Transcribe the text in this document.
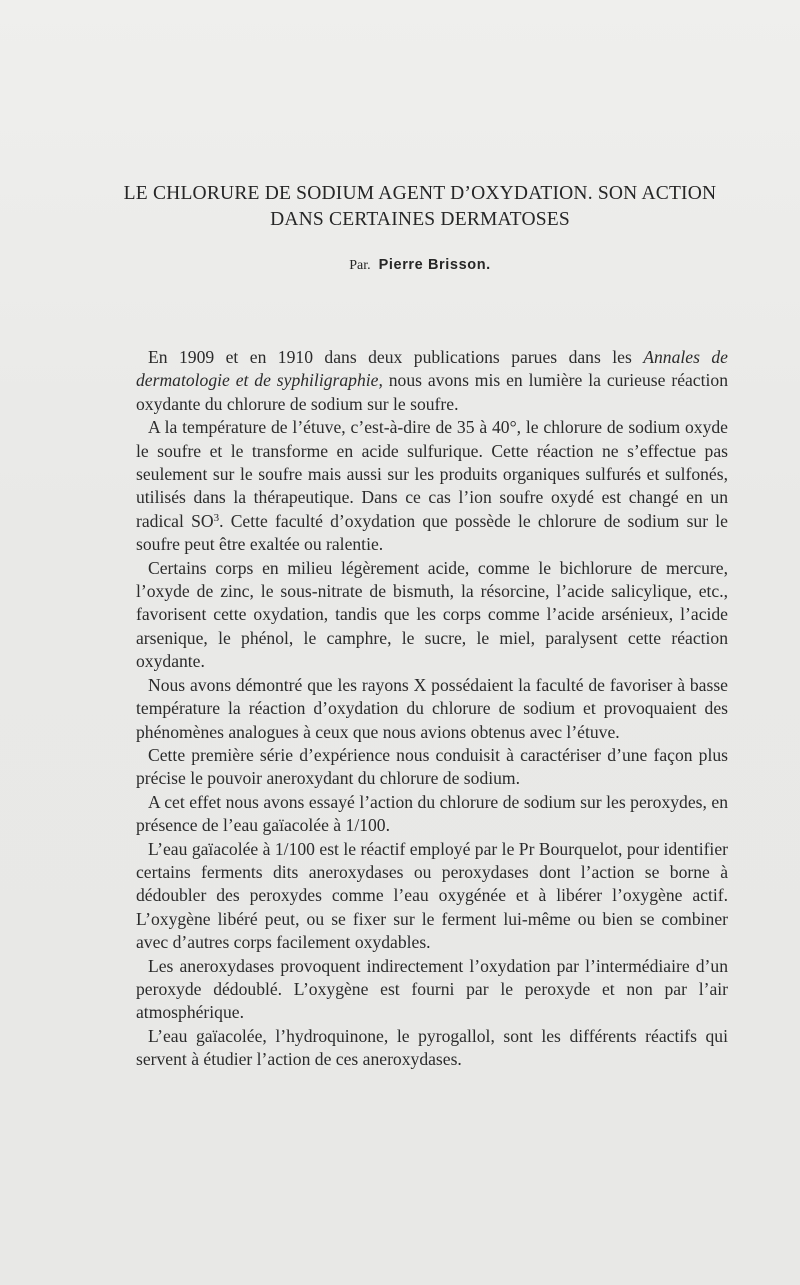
LE CHLORURE DE SODIUM AGENT D’OXYDATION. SON ACTION
DANS CERTAINES DERMATOSES
Par. Pierre Brisson.

En 1909 et en 1910 dans deux publications parues dans les Annales de dermatologie et de syphiligraphie, nous avons mis en lumière la curieuse réaction oxydante du chlorure de sodium sur le soufre.

A la température de l’étuve, c’est-à-dire de 35 à 40°, le chlorure de sodium oxyde le soufre et le transforme en acide sulfurique. Cette réaction ne s’effectue pas seulement sur le soufre mais aussi sur les produits organiques sulfurés et sulfonés, utilisés dans la thérapeutique. Dans ce cas l’ion soufre oxydé est changé en un radical $SO^3$. Cette faculté d’oxydation que possède le chlorure de sodium sur le soufre peut être exaltée ou ralentie.

Certains corps en milieu légèrement acide, comme le bichlorure de mercure, l’oxyde de zinc, le sous-nitrate de bismuth, la résorcine, l’acide salicylique, etc., favorisent cette oxydation, tandis que les corps comme l’acide arsénieux, l’acide arsenique, le phénol, le camphre, le sucre, le miel, paralysent cette réaction oxydante.

Nous avons démontré que les rayons X possédaient la faculté de favoriser à basse température la réaction d’oxydation du chlorure de sodium et provoquaient des phénomènes analogues à ceux que nous avions obtenus avec l’étuve.

Cette première série d’expérience nous conduisit à caractériser d’une façon plus précise le pouvoir aneroxydant du chlorure de sodium.

A cet effet nous avons essayé l’action du chlorure de sodium sur les peroxydes, en présence de l’eau gaïacolée à 1/100.

L’eau gaïacolée à 1/100 est le réactif employé par le Pr Bourquelot, pour identifier certains ferments dits aneroxydases ou peroxydases dont l’action se borne à dédoubler des peroxydes comme l’eau oxygénée et à libérer l’oxygène actif. L’oxygène libéré peut, ou se fixer sur le ferment lui-même ou bien se combiner avec d’autres corps facilement oxydables.

Les aneroxydases provoquent indirectement l’oxydation par l’intermédiaire d’un peroxyde dédoublé. L’oxygène est fourni par le peroxyde et non par l’air atmosphérique.

L’eau gaïacolée, l’hydroquinone, le pyrogallol, sont les différents réactifs qui servent à étudier l’action de ces aneroxydases.
